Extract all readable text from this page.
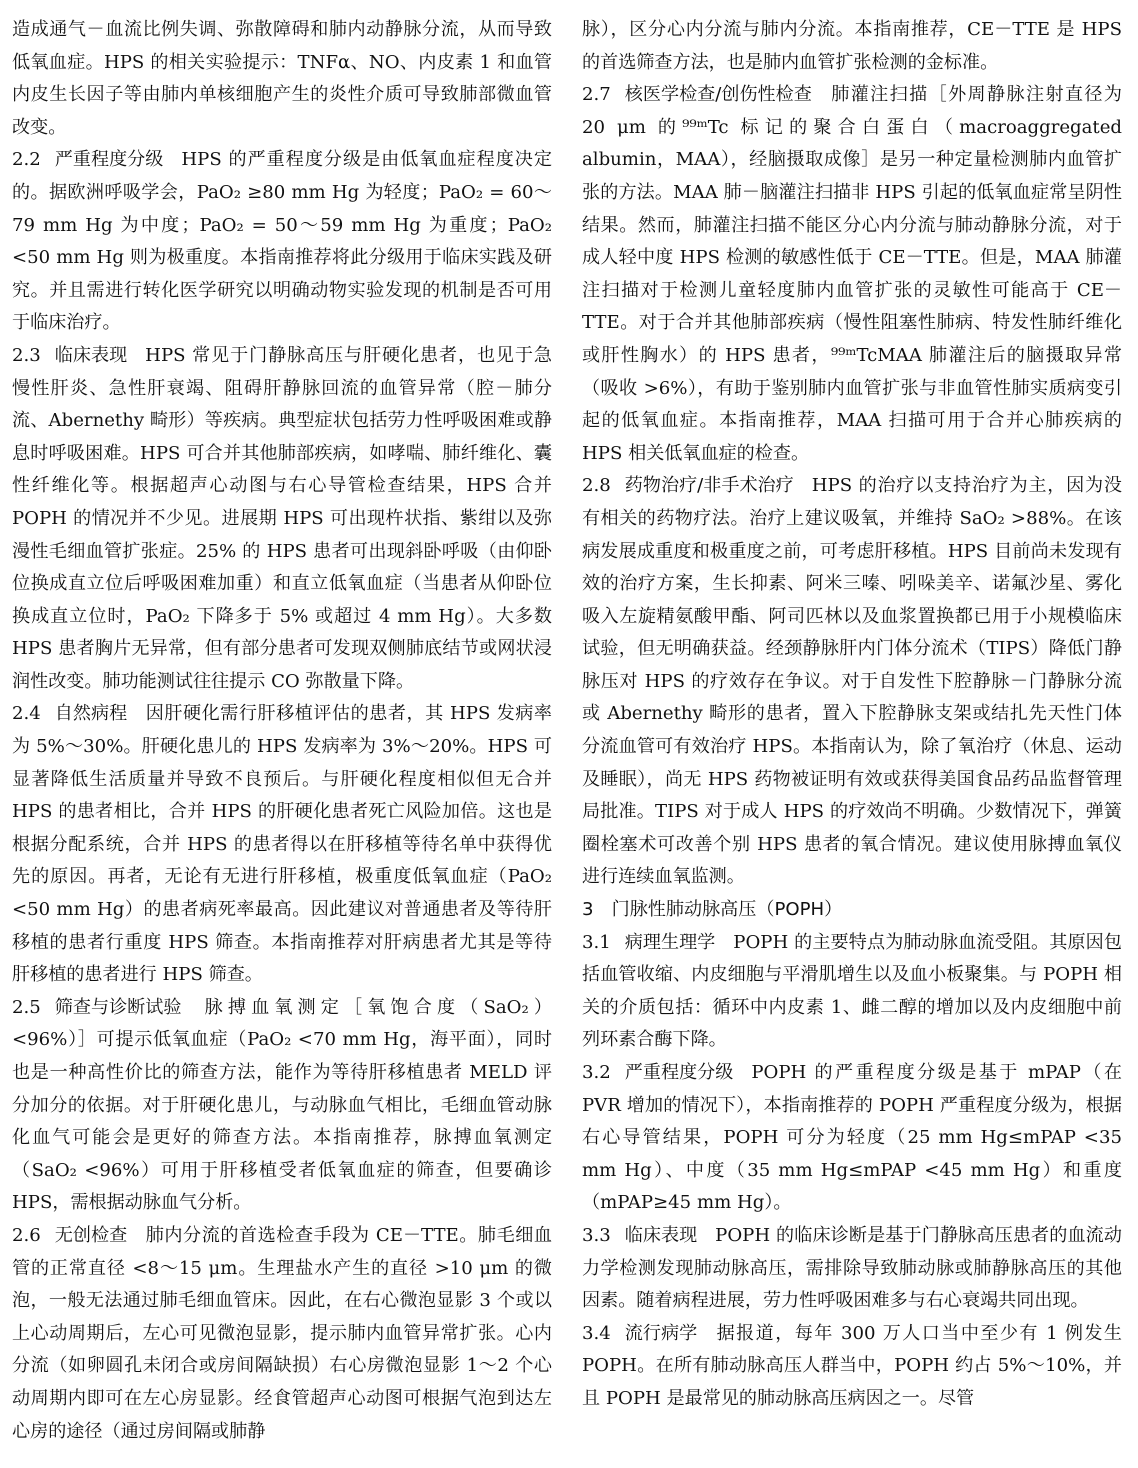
造成通气－血流比例失调、弥散障碍和肺内动静脉分流，从而导致低氧血症。HPS 的相关实验提示：TNFα、NO、内皮素 1 和血管内皮生长因子等由肺内单核细胞产生的炎性介质可导致肺部微血管改变。

2.2 严重程度分级 HPS 的严重程度分级是由低氧血症程度决定的。据欧洲呼吸学会，PaO₂ ≥80 mm Hg 为轻度；PaO₂ = 60～79 mm Hg 为中度；PaO₂ = 50～59 mm Hg 为重度；PaO₂ <50 mm Hg 则为极重度。本指南推荐将此分级用于临床实践及研究。并且需进行转化医学研究以明确动物实验发现的机制是否可用于临床治疗。

2.3 临床表现 HPS 常见于门静脉高压与肝硬化患者，也见于急慢性肝炎、急性肝衰竭、阻碍肝静脉回流的血管异常（腔－肺分流、Abernethy 畸形）等疾病。典型症状包括劳力性呼吸困难或静息时呼吸困难。HPS 可合并其他肺部疾病，如哮喘、肺纤维化、囊性纤维化等。根据超声心动图与右心导管检查结果，HPS 合并 POPH 的情况并不少见。进展期 HPS 可出现杵状指、紫绀以及弥漫性毛细血管扩张症。25% 的 HPS 患者可出现斜卧呼吸（由仰卧位换成直立位后呼吸困难加重）和直立低氧血症（当患者从仰卧位换成直立位时，PaO₂ 下降多于 5% 或超过 4 mm Hg）。大多数 HPS 患者胸片无异常，但有部分患者可发现双侧肺底结节或网状浸润性改变。肺功能测试往往提示 CO 弥散量下降。

2.4 自然病程 因肝硬化需行肝移植评估的患者，其 HPS 发病率为 5%～30%。肝硬化患儿的 HPS 发病率为 3%～20%。HPS 可显著降低生活质量并导致不良预后。与肝硬化程度相似但无合并 HPS 的患者相比，合并 HPS 的肝硬化患者死亡风险加倍。这也是根据分配系统，合并 HPS 的患者得以在肝移植等待名单中获得优先的原因。再者，无论有无进行肝移植，极重度低氧血症（PaO₂ <50 mm Hg）的患者病死率最高。因此建议对普通患者及等待肝移植的患者行重度 HPS 筛查。本指南推荐对肝病患者尤其是等待肝移植的患者进行 HPS 筛查。

2.5 筛查与诊断试验 脉搏血氧测定［氧饱合度（SaO₂）<96%）］可提示低氧血症（PaO₂ <70 mm Hg，海平面），同时也是一种高性价比的筛查方法，能作为等待肝移植患者 MELD 评分加分的依据。对于肝硬化患儿，与动脉血气相比，毛细血管动脉化血气可能会是更好的筛查方法。本指南推荐，脉搏血氧测定（SaO₂ <96%）可用于肝移植受者低氧血症的筛查，但要确诊 HPS，需根据动脉血气分析。

2.6 无创检查 肺内分流的首选检查手段为 CE－TTE。肺毛细血管的正常直径 <8～15 μm。生理盐水产生的直径 >10 μm 的微泡，一般无法通过肺毛细血管床。因此，在右心微泡显影 3 个或以上心动周期后，左心可见微泡显影，提示肺内血管异常扩张。心内分流（如卵圆孔未闭合或房间隔缺损）右心房微泡显影 1～2 个心动周期内即可在左心房显影。经食管超声心动图可根据气泡到达左心房的途径（通过房间隔或肺静

脉），区分心内分流与肺内分流。本指南推荐，CE－TTE 是 HPS 的首选筛查方法，也是肺内血管扩张检测的金标准。

2.7 核医学检查/创伤性检查 肺灌注扫描［外周静脉注射直径为 20 μm 的⁹⁹ᵐTc 标记的聚合白蛋白（macroaggregated albumin，MAA），经脑摄取成像］是另一种定量检测肺内血管扩张的方法。MAA 肺－脑灌注扫描非 HPS 引起的低氧血症常呈阴性结果。然而，肺灌注扫描不能区分心内分流与肺动静脉分流，对于成人轻中度 HPS 检测的敏感性低于 CE－TTE。但是，MAA 肺灌注扫描对于检测儿童轻度肺内血管扩张的灵敏性可能高于 CE－TTE。对于合并其他肺部疾病（慢性阻塞性肺病、特发性肺纤维化或肝性胸水）的 HPS 患者，⁹⁹ᵐTcMAA 肺灌注后的脑摄取异常（吸收 >6%），有助于鉴别肺内血管扩张与非血管性肺实质病变引起的低氧血症。本指南推荐，MAA 扫描可用于合并心肺疾病的 HPS 相关低氧血症的检查。

2.8 药物治疗/非手术治疗 HPS 的治疗以支持治疗为主，因为没有相关的药物疗法。治疗上建议吸氧，并维持 SaO₂ >88%。在该病发展成重度和极重度之前，可考虑肝移植。HPS 目前尚未发现有效的治疗方案，生长抑素、阿米三嗪、吲哚美辛、诺氟沙星、雾化吸入左旋精氨酸甲酯、阿司匹林以及血浆置换都已用于小规模临床试验，但无明确获益。经颈静脉肝内门体分流术（TIPS）降低门静脉压对 HPS 的疗效存在争议。对于自发性下腔静脉－门静脉分流或 Abernethy 畸形的患者，置入下腔静脉支架或结扎先天性门体分流血管可有效治疗 HPS。本指南认为，除了氧治疗（休息、运动及睡眠），尚无 HPS 药物被证明有效或获得美国食品药品监督管理局批准。TIPS 对于成人 HPS 的疗效尚不明确。少数情况下，弹簧圈栓塞术可改善个别 HPS 患者的氧合情况。建议使用脉搏血氧仪进行连续血氧监测。

3　门脉性肺动脉高压（POPH）

3.1 病理生理学 POPH 的主要特点为肺动脉血流受阻。其原因包括血管收缩、内皮细胞与平滑肌增生以及血小板聚集。与 POPH 相关的介质包括：循环中内皮素 1、雌二醇的增加以及内皮细胞中前列环素合酶下降。

3.2 严重程度分级 POPH 的严重程度分级是基于 mPAP（在 PVR 增加的情况下），本指南推荐的 POPH 严重程度分级为，根据右心导管结果，POPH 可分为轻度（25 mm Hg≤mPAP <35 mm Hg）、中度（35 mm Hg≤mPAP <45 mm Hg）和重度（mPAP≥45 mm Hg）。

3.3 临床表现 POPH 的临床诊断是基于门静脉高压患者的血流动力学检测发现肺动脉高压，需排除导致肺动脉或肺静脉高压的其他因素。随着病程进展，劳力性呼吸困难多与右心衰竭共同出现。

3.4 流行病学 据报道，每年 300 万人口当中至少有 1 例发生 POPH。在所有肺动脉高压人群当中，POPH 约占 5%～10%，并且 POPH 是最常见的肺动脉高压病因之一。尽管
